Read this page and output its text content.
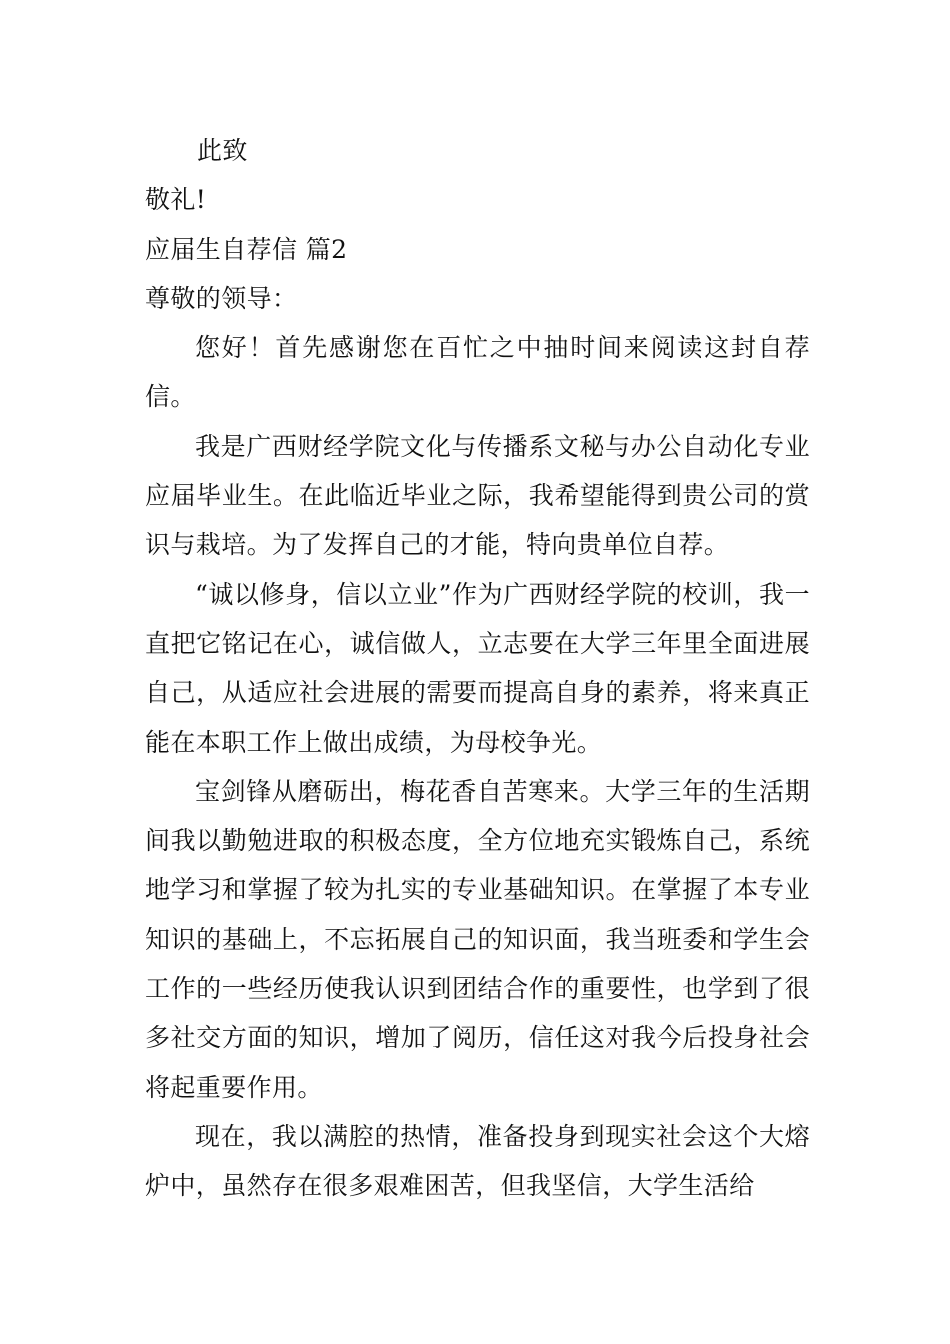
此致
敬礼!
应届生自荐信 篇2
尊敬的领导：

您好！首先感谢您在百忙之中抽时间来阅读这封自荐信。

我是广西财经学院文化与传播系文秘与办公自动化专业应届毕业生。在此临近毕业之际，我希望能得到贵公司的赏识与栽培。为了发挥自己的才能，特向贵单位自荐。

“诚以修身，信以立业”作为广西财经学院的校训，我一直把它铭记在心，诚信做人，立志要在大学三年里全面进展自己，从适应社会进展的需要而提高自身的素养，将来真正能在本职工作上做出成绩，为母校争光。

宝剑锋从磨砺出，梅花香自苦寒来。大学三年的生活期间我以勤勉进取的积极态度，全方位地充实锻炼自己，系统地学习和掌握了较为扎实的专业基础知识。在掌握了本专业知识的基础上，不忘拓展自己的知识面，我当班委和学生会工作的一些经历使我认识到团结合作的重要性，也学到了很多社交方面的知识，增加了阅历，信任这对我今后投身社会将起重要作用。

现在，我以满腔的热情，准备投身到现实社会这个大熔炉中，虽然存在很多艰难困苦，但我坚信，大学生活给
